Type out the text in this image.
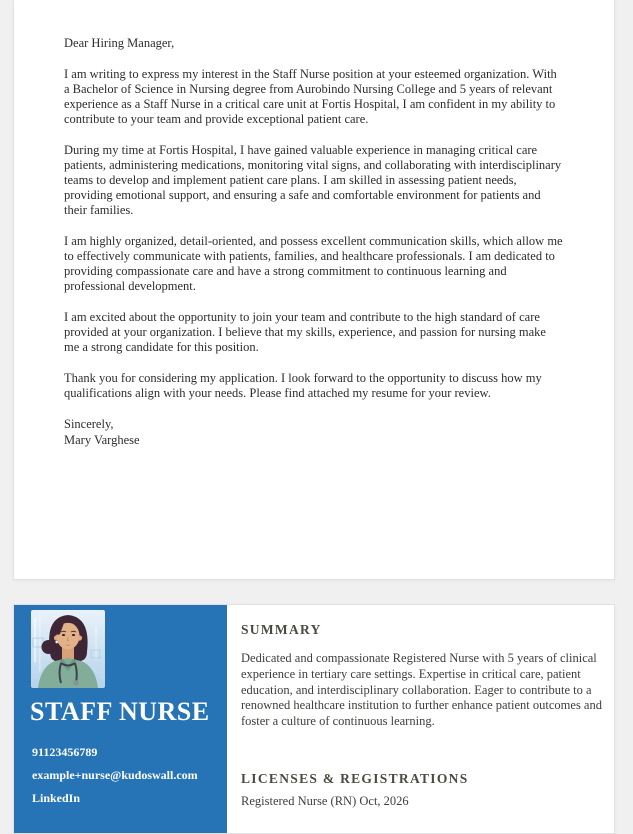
Dear Hiring Manager,

I am writing to express my interest in the Staff Nurse position at your esteemed organization. With a Bachelor of Science in Nursing degree from Aurobindo Nursing College and 5 years of relevant experience as a Staff Nurse in a critical care unit at Fortis Hospital, I am confident in my ability to contribute to your team and provide exceptional patient care.

During my time at Fortis Hospital, I have gained valuable experience in managing critical care patients, administering medications, monitoring vital signs, and collaborating with interdisciplinary teams to develop and implement patient care plans. I am skilled in assessing patient needs, providing emotional support, and ensuring a safe and comfortable environment for patients and their families.

I am highly organized, detail-oriented, and possess excellent communication skills, which allow me to effectively communicate with patients, families, and healthcare professionals. I am dedicated to providing compassionate care and have a strong commitment to continuous learning and professional development.

I am excited about the opportunity to join your team and contribute to the high standard of care provided at your organization. I believe that my skills, experience, and passion for nursing make me a strong candidate for this position.

Thank you for considering my application. I look forward to the opportunity to discuss how my qualifications align with your needs. Please find attached my resume for your review.

Sincerely,
Mary Varghese
STAFF NURSE
91123456789
example+nurse@kudoswall.com
LinkedIn
SUMMARY
Dedicated and compassionate Registered Nurse with 5 years of clinical experience in tertiary care settings. Expertise in critical care, patient education, and interdisciplinary collaboration. Eager to contribute to a renowned healthcare institution to further enhance patient outcomes and foster a culture of continuous learning.
LICENSES & REGISTRATIONS
Registered Nurse (RN) Oct, 2026
